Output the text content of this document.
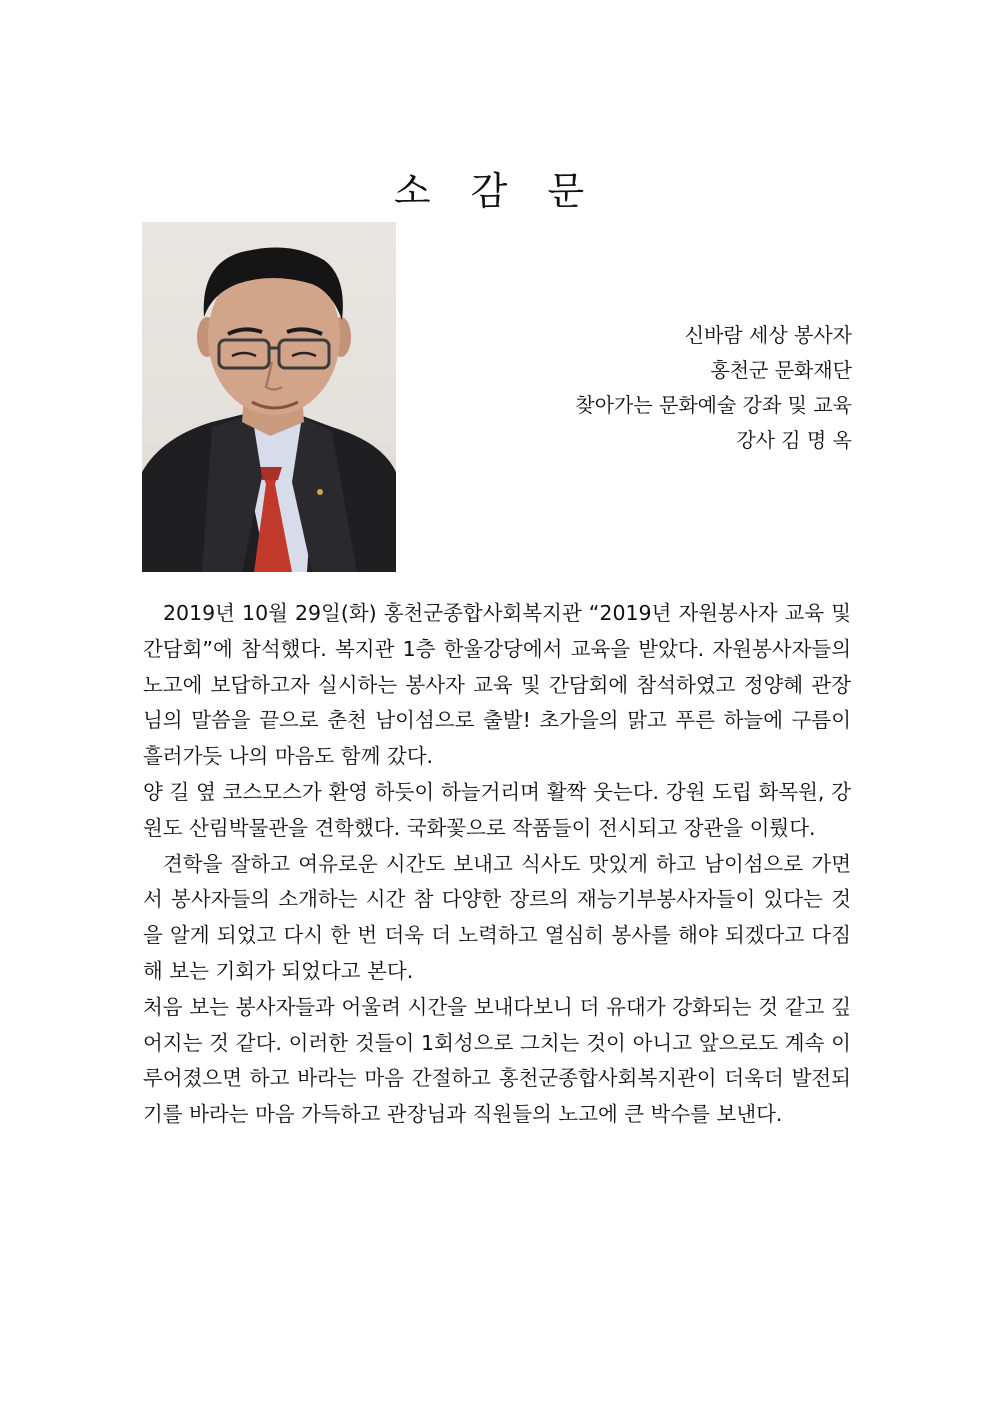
소 감 문
신바람 세상 봉사자
홍천군 문화재단
찾아가는 문화예술 강좌 및 교육
강사 김 명 옥

2019년 10월 29일(화) 홍천군종합사회복지관 “2019년 자원봉사자 교육 및 간담회”에 참석했다. 복지관 1층 한울강당에서 교육을 받았다. 자원봉사자들의 노고에 보답하고자 실시하는 봉사자 교육 및 간담회에 참석하였고 정양혜 관장님의 말씀을 끝으로 춘천 남이섬으로 출발! 초가을의 맑고 푸른 하늘에 구름이 흘러가듯 나의 마음도 함께 갔다.

양 길 옆 코스모스가 환영 하듯이 하늘거리며 활짝 웃는다. 강원 도립 화목원, 강원도 산림박물관을 견학했다. 국화꽃으로 작품들이 전시되고 장관을 이뤘다.

견학을 잘하고 여유로운 시간도 보내고 식사도 맛있게 하고 남이섬으로 가면서 봉사자들의 소개하는 시간 참 다양한 장르의 재능기부봉사자들이 있다는 것을 알게 되었고 다시 한 번 더욱 더 노력하고 열심히 봉사를 해야 되겠다고 다짐해 보는 기회가 되었다고 본다.

처음 보는 봉사자들과 어울려 시간을 보내다보니 더 유대가 강화되는 것 같고 깊어지는 것 같다. 이러한 것들이 1회성으로 그치는 것이 아니고 앞으로도 계속 이루어졌으면 하고 바라는 마음 간절하고 홍천군종합사회복지관이 더욱더 발전되기를 바라는 마음 가득하고 관장님과 직원들의 노고에 큰 박수를 보낸다.
